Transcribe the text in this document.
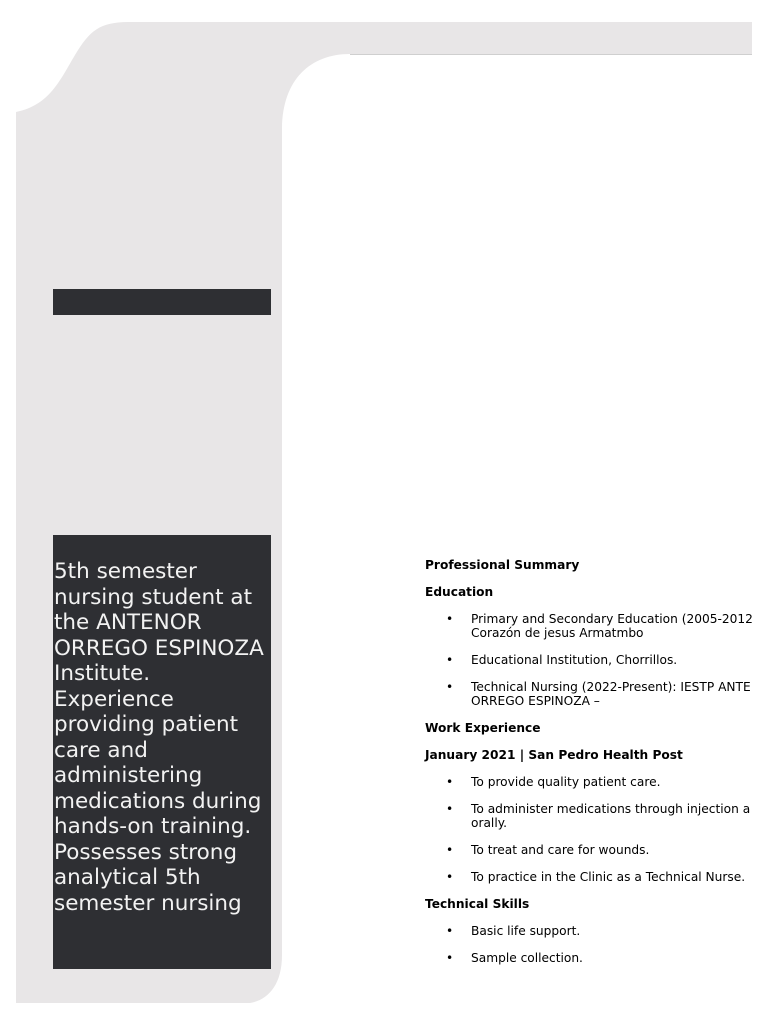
5th semester nursing student at the ANTENOR ORREGO ESPINOZA Institute. Experience providing patient care and administering medications during hands-on training. Possesses strong analytical 5th semester nursing

Professional Summary
Education
• Primary and Secondary Education (2005-2012
Corazón de jesus Armatmbo
• Educational Institution, Chorrillos.
• Technical Nursing (2022-Present): IESTP ANTE
ORREGO ESPINOZA –
Work Experience
January 2021 | San Pedro Health Post
• To provide quality patient care.
• To administer medications through injection a
orally.
• To treat and care for wounds.
• To practice in the Clinic as a Technical Nurse.
Technical Skills
• Basic life support.
• Sample collection.
